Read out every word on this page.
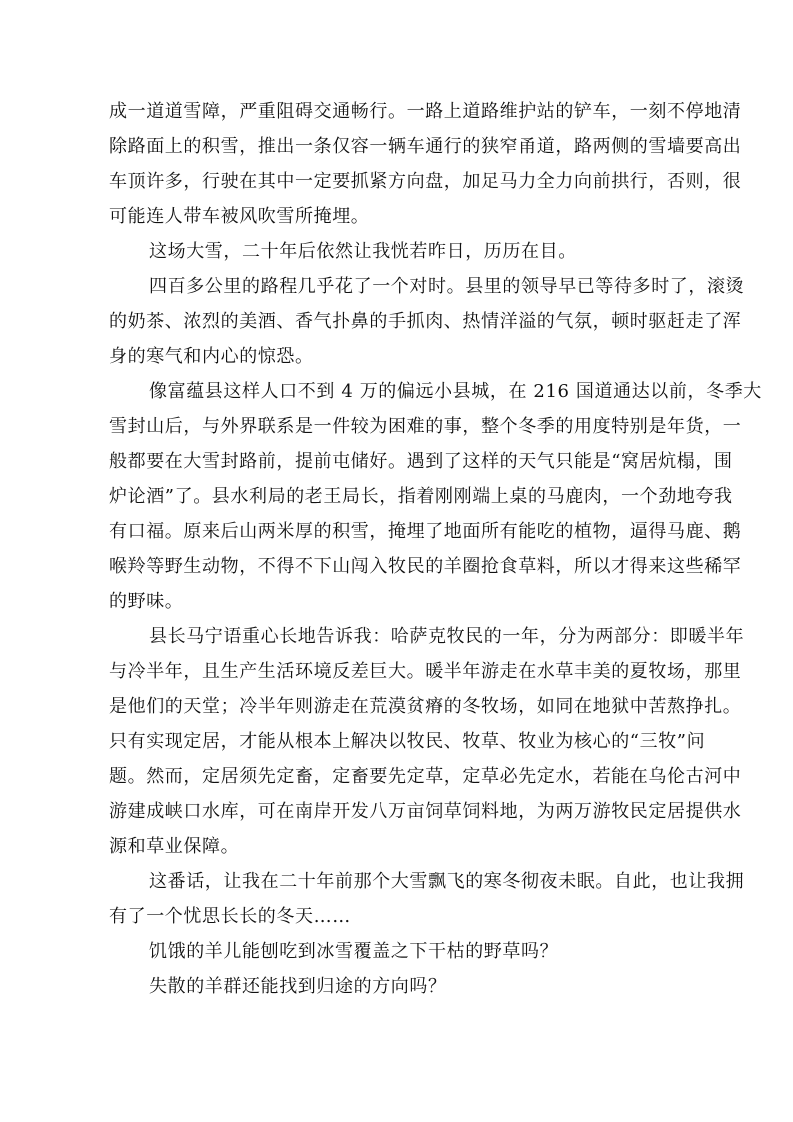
成一道道雪障，严重阻碍交通畅行。一路上道路维护站的铲车，一刻不停地清
除路面上的积雪，推出一条仅容一辆车通行的狭窄甬道，路两侧的雪墙要高出
车顶许多，行驶在其中一定要抓紧方向盘，加足马力全力向前拱行，否则，很
可能连人带车被风吹雪所掩埋。
这场大雪，二十年后依然让我恍若昨日，历历在目。
四百多公里的路程几乎花了一个对时。县里的领导早已等待多时了，滚烫
的奶茶、浓烈的美酒、香气扑鼻的手抓肉、热情洋溢的气氛，顿时驱赶走了浑
身的寒气和内心的惊恐。
像富蕴县这样人口不到 4 万的偏远小县城，在 216 国道通达以前，冬季大
雪封山后，与外界联系是一件较为困难的事，整个冬季的用度特别是年货，一
般都要在大雪封路前，提前屯储好。遇到了这样的天气只能是“窝居炕榻，围
炉论酒”了。县水利局的老王局长，指着刚刚端上桌的马鹿肉，一个劲地夸我
有口福。原来后山两米厚的积雪，掩埋了地面所有能吃的植物，逼得马鹿、鹅
喉羚等野生动物，不得不下山闯入牧民的羊圈抢食草料，所以才得来这些稀罕
的野味。
县长马宁语重心长地告诉我：哈萨克牧民的一年，分为两部分：即暖半年
与冷半年，且生产生活环境反差巨大。暖半年游走在水草丰美的夏牧场，那里
是他们的天堂；冷半年则游走在荒漠贫瘠的冬牧场，如同在地狱中苦熬挣扎。
只有实现定居，才能从根本上解决以牧民、牧草、牧业为核心的“三牧”问
题。然而，定居须先定畜，定畜要先定草，定草必先定水，若能在乌伦古河中
游建成峡口水库，可在南岸开发八万亩饲草饲料地，为两万游牧民定居提供水
源和草业保障。
这番话，让我在二十年前那个大雪飘飞的寒冬彻夜未眠。自此，也让我拥
有了一个忧思长长的冬天……
饥饿的羊儿能刨吃到冰雪覆盖之下干枯的野草吗？
失散的羊群还能找到归途的方向吗？
